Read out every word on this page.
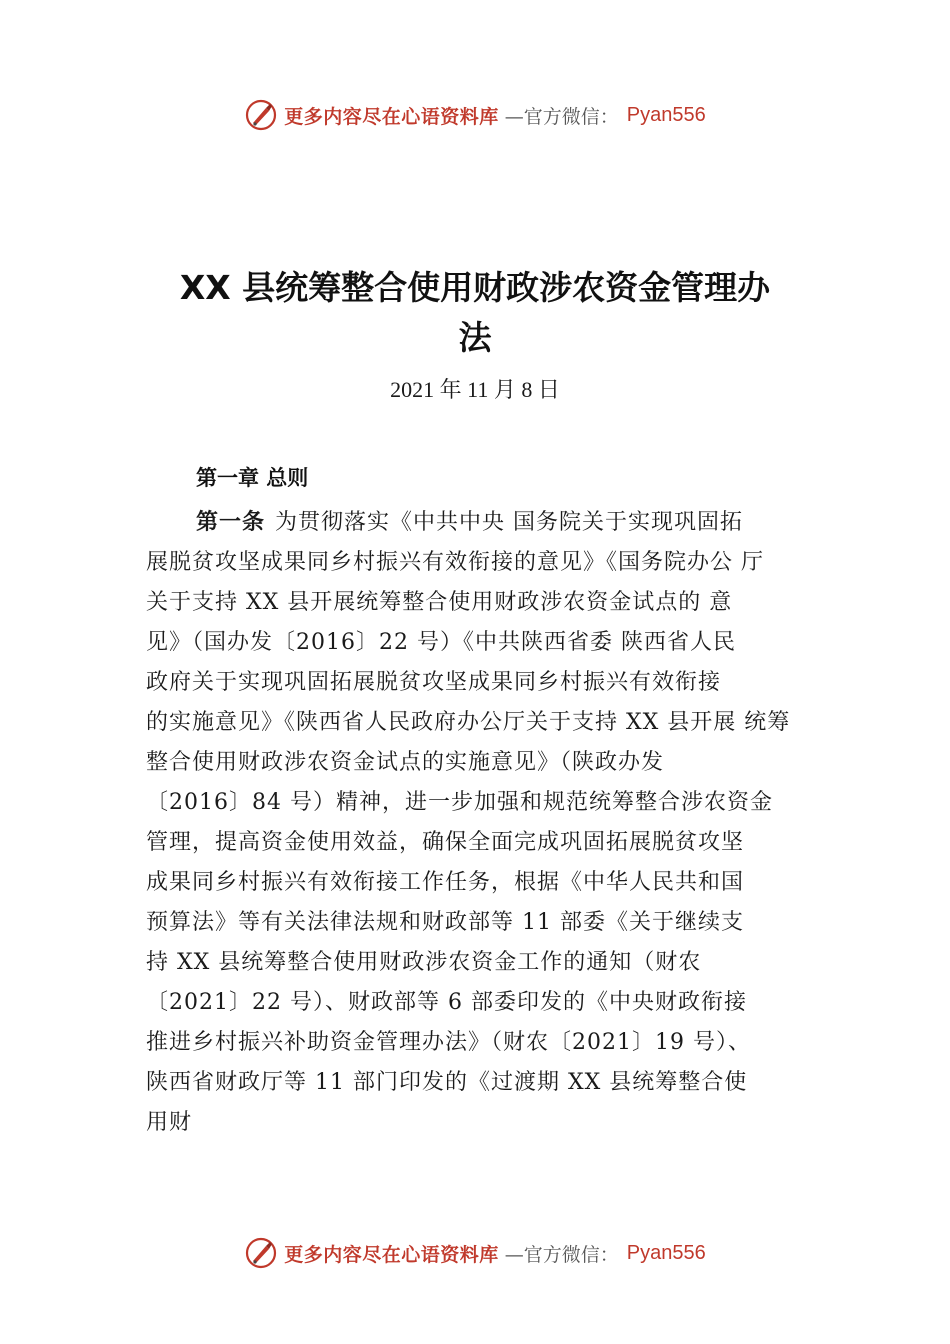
更多内容尽在心语资料库 —官方微信： Pyan556
XX 县统筹整合使用财政涉农资金管理办
法
2021 年 11 月 8 日
第一章 总则
第一条 为贯彻落实《中共中央 国务院关于实现巩固拓
展脱贫攻坚成果同乡村振兴有效衔接的意见》《国务院办公 厅
关于支持 XX 县开展统筹整合使用财政涉农资金试点的 意
见》（国办发〔2016〕22 号）《中共陕西省委 陕西省人民
政府关于实现巩固拓展脱贫攻坚成果同乡村振兴有效衔接
的实施意见》《陕西省人民政府办公厅关于支持 XX 县开展 统筹
整合使用财政涉农资金试点的实施意见》（陕政办发
〔2016〕84 号）精神，进一步加强和规范统筹整合涉农资金
管理，提高资金使用效益，确保全面完成巩固拓展脱贫攻坚
成果同乡村振兴有效衔接工作任务，根据《中华人民共和国
预算法》等有关法律法规和财政部等 11 部委《关于继续支
持 XX 县统筹整合使用财政涉农资金工作的通知（财农
〔2021〕22 号）、财政部等 6 部委印发的《中央财政衔接
推进乡村振兴补助资金管理办法》（财农〔2021〕19 号）、
陕西省财政厅等 11 部门印发的《过渡期 XX 县统筹整合使
用财
更多内容尽在心语资料库 —官方微信： Pyan556
